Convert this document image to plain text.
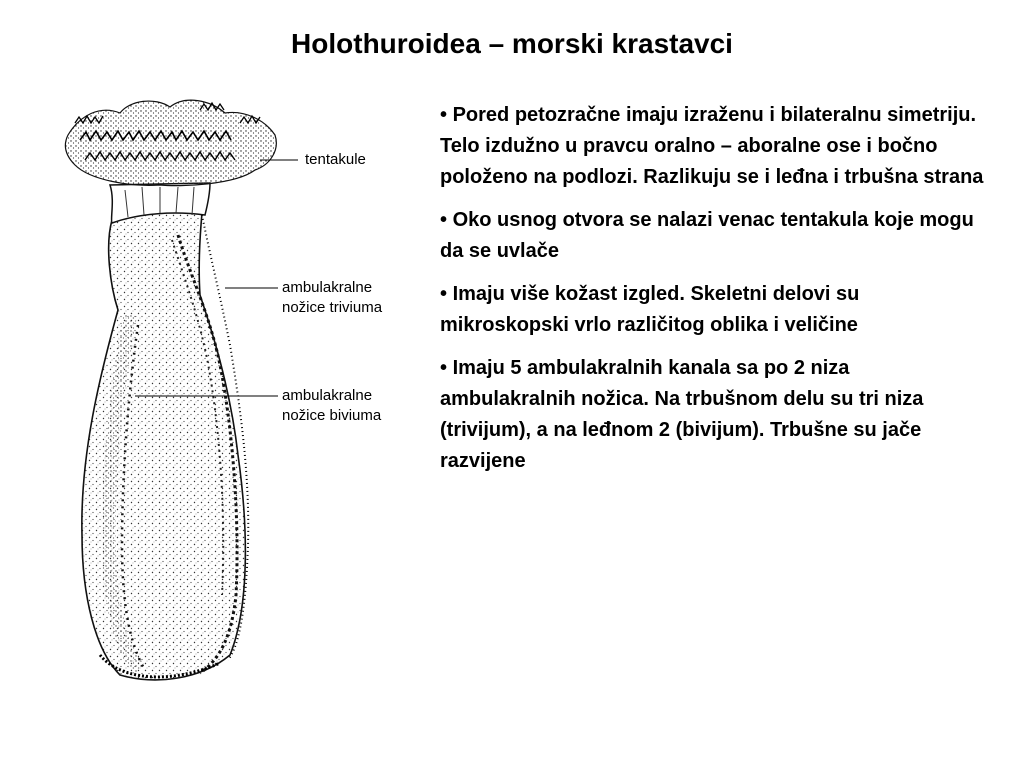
Holothuroidea – morski krastavci
tentakule
ambulakralne
nožice triviuma
ambulakralne
nožice biviuma
• Pored petozračne imaju izraženu i bilateralnu simetriju. Telo izdužno u pravcu oralno – aboralne ose i bočno položeno na podlozi. Razlikuju se i leđna i trbušna strana
• Oko usnog otvora se nalazi venac tentakula koje mogu da se uvlače
• Imaju više kožast izgled. Skeletni delovi su mikroskopski vrlo različitog oblika i veličine
• Imaju 5 ambulakralnih kanala sa po 2 niza ambulakralnih nožica. Na trbušnom delu su tri niza (trivijum), a na leđnom 2 (bivijum). Trbušne su jače razvijene
